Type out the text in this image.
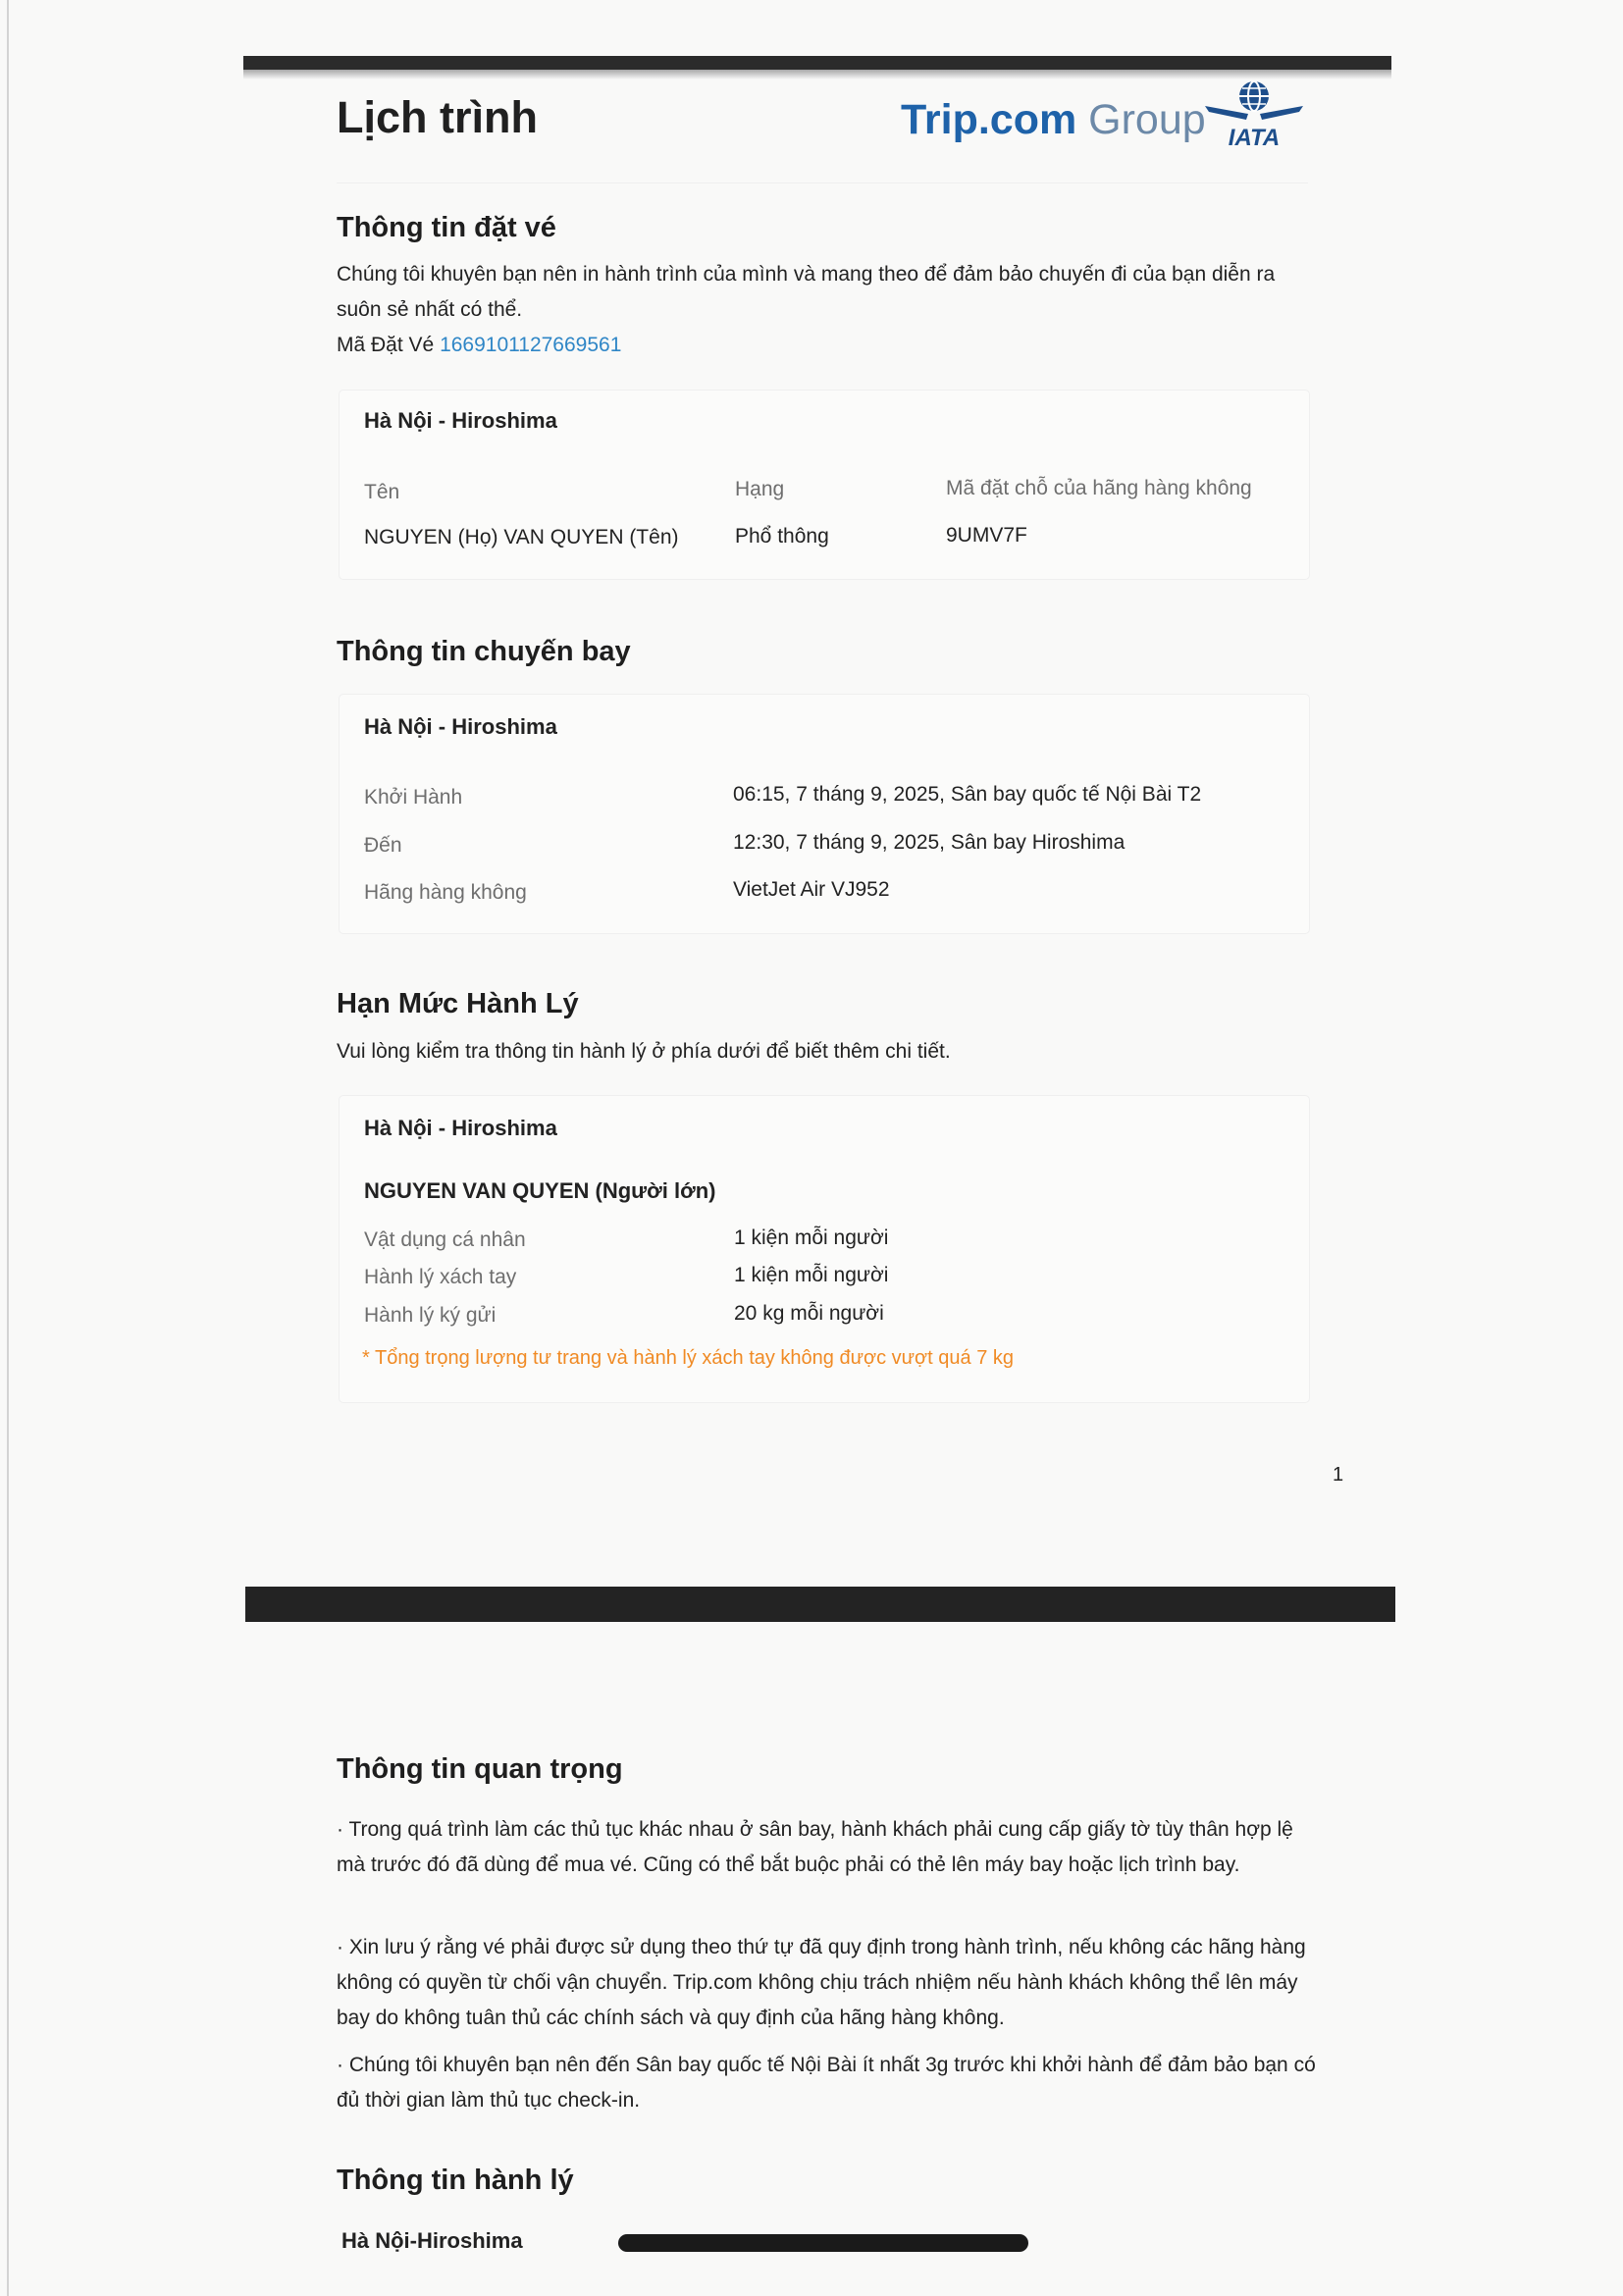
Lịch trình	Trip.com Group IATA
Thông tin đặt vé

Chúng tôi khuyên bạn nên in hành trình của mình và mang theo để đảm bảo chuyến đi của bạn diễn ra suôn sẻ nhất có thể.

Mã Đặt Vé 1669101127669561
Hà Nội - Hiroshima
Tên	Hạng	Mã đặt chỗ của hãng hàng không
NGUYEN (Họ) VAN QUYEN (Tên)	Phổ thông	9UMV7F
Thông tin chuyến bay
Hà Nội - Hiroshima
Khởi Hành	06:15, 7 tháng 9, 2025, Sân bay quốc tế Nội Bài T2
Đến	12:30, 7 tháng 9, 2025, Sân bay Hiroshima
Hãng hàng không	VietJet Air VJ952
Hạn Mức Hành Lý

Vui lòng kiểm tra thông tin hành lý ở phía dưới để biết thêm chi tiết.

Hà Nội - Hiroshima
NGUYEN VAN QUYEN (Người lớn)
Vật dụng cá nhân	1 kiện mỗi người
Hành lý xách tay	1 kiện mỗi người
Hành lý ký gửi	20 kg mỗi người
* Tổng trọng lượng tư trang và hành lý xách tay không được vượt quá 7 kg
1
Thông tin quan trọng

· Trong quá trình làm các thủ tục khác nhau ở sân bay, hành khách phải cung cấp giấy tờ tùy thân hợp lệ mà trước đó đã dùng để mua vé. Cũng có thể bắt buộc phải có thẻ lên máy bay hoặc lịch trình bay.

· Xin lưu ý rằng vé phải được sử dụng theo thứ tự đã quy định trong hành trình, nếu không các hãng hàng không có quyền từ chối vận chuyển. Trip.com không chịu trách nhiệm nếu hành khách không thể lên máy bay do không tuân thủ các chính sách và quy định của hãng hàng không.

· Chúng tôi khuyên bạn nên đến Sân bay quốc tế Nội Bài ít nhất 3g trước khi khởi hành để đảm bảo bạn có đủ thời gian làm thủ tục check-in.

Thông tin hành lý
Hà Nội-Hiroshima
